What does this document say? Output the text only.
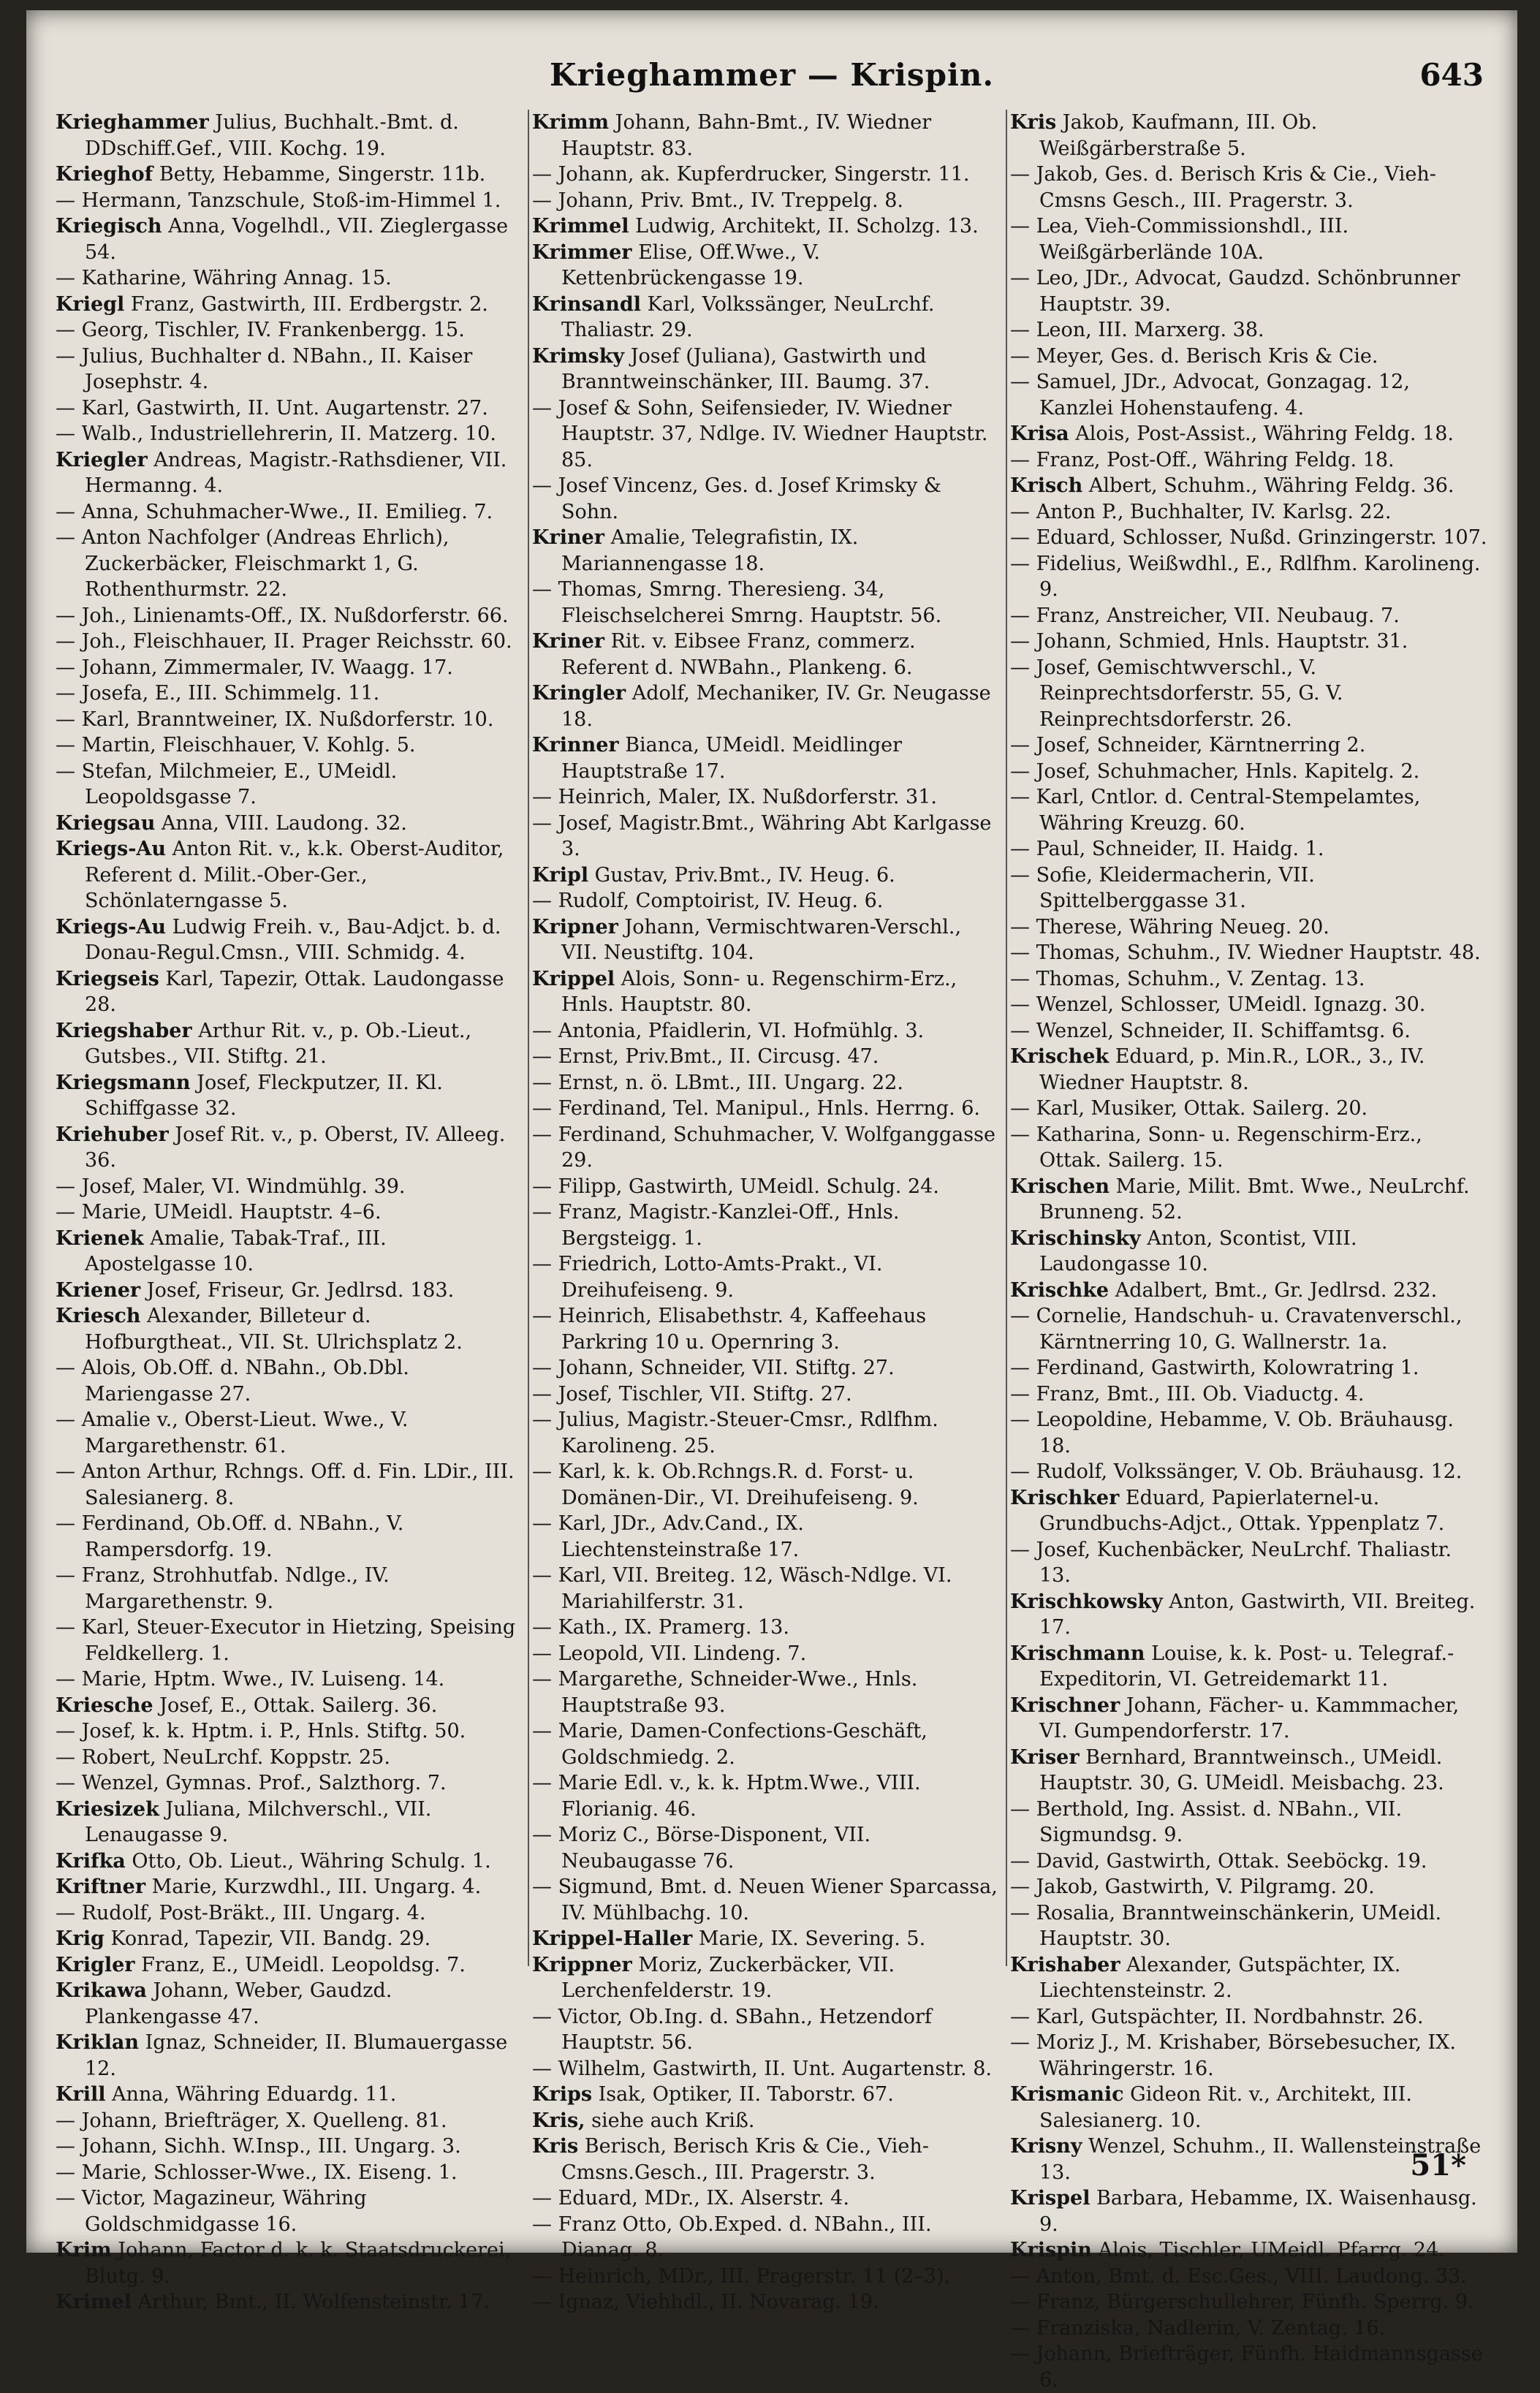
Krieghammer — Krispin.	643
Krieghammer Julius, Buchhalt.-Bmt. d. DDschiff.Gef., VIII. Kochg. 19.
Krieghof Betty, Hebamme, Singerstr. 11b.
— Hermann, Tanzschule, Stoß-im-Himmel 1.
Kriegisch Anna, Vogelhdl., VII. Zieglergasse 54.
— Katharine, Währing Annag. 15.
Kriegl Franz, Gastwirth, III. Erdbergstr. 2.
— Georg, Tischler, IV. Frankenbergg. 15.
— Julius, Buchhalter d. NBahn., II. Kaiser Josephstr. 4.
— Karl, Gastwirth, II. Unt. Augartenstr. 27.
— Walb., Industriellehrerin, II. Matzerg. 10.
Kriegler Andreas, Magistr.-Rathsdiener, VII. Hermanng. 4.
— Anna, Schuhmacher-Wwe., II. Emilieg. 7.
— Anton Nachfolger (Andreas Ehrlich), Zuckerbäcker, Fleischmarkt 1, G. Rothenthurmstr. 22.
— Joh., Linienamts-Off., IX. Nußdorferstr. 66.
— Joh., Fleischhauer, II. Prager Reichsstr. 60.
— Johann, Zimmermaler, IV. Waagg. 17.
— Josefa, E., III. Schimmelg. 11.
— Karl, Branntweiner, IX. Nußdorferstr. 10.
— Martin, Fleischhauer, V. Kohlg. 5.
— Stefan, Milchmeier, E., UMeidl. Leopoldsgasse 7.
Kriegsau Anna, VIII. Laudong. 32.
Kriegs-Au Anton Rit. v., k.k. Oberst-Auditor, Referent d. Milit.-Ober-Ger., Schönlaterngasse 5.
Kriegs-Au Ludwig Freih. v., Bau-Adjct. b. d. Donau-Regul.Cmsn., VIII. Schmidg. 4.
Kriegseis Karl, Tapezir, Ottak. Laudongasse 28.
Kriegshaber Arthur Rit. v., p. Ob.-Lieut., Gutsbes., VII. Stiftg. 21.
Kriegsmann Josef, Fleckputzer, II. Kl. Schiffgasse 32.
Kriehuber Josef Rit. v., p. Oberst, IV. Alleeg. 36.
— Josef, Maler, VI. Windmühlg. 39.
— Marie, UMeidl. Hauptstr. 4–6.
Krienek Amalie, Tabak-Traf., III. Apostelgasse 10.
Kriener Josef, Friseur, Gr. Jedlrsd. 183.
Kriesch Alexander, Billeteur d. Hofburgtheat., VII. St. Ulrichsplatz 2.
— Alois, Ob.Off. d. NBahn., Ob.Dbl. Mariengasse 27.
— Amalie v., Oberst-Lieut. Wwe., V. Margarethenstr. 61.
— Anton Arthur, Rchngs. Off. d. Fin. LDir., III. Salesianerg. 8.
— Ferdinand, Ob.Off. d. NBahn., V. Rampersdorfg. 19.
— Franz, Strohhutfab. Ndlge., IV. Margarethenstr. 9.
— Karl, Steuer-Executor in Hietzing, Speising Feldkellerg. 1.
— Marie, Hptm. Wwe., IV. Luiseng. 14.
Kriesche Josef, E., Ottak. Sailerg. 36.
— Josef, k. k. Hptm. i. P., Hnls. Stiftg. 50.
— Robert, NeuLrchf. Koppstr. 25.
— Wenzel, Gymnas. Prof., Salzthorg. 7.
Kriesizek Juliana, Milchverschl., VII. Lenaugasse 9.
Krifka Otto, Ob. Lieut., Währing Schulg. 1.
Kriftner Marie, Kurzwdhl., III. Ungarg. 4.
— Rudolf, Post-Bräkt., III. Ungarg. 4.
Krig Konrad, Tapezir, VII. Bandg. 29.
Krigler Franz, E., UMeidl. Leopoldsg. 7.
Krikawa Johann, Weber, Gaudzd. Plankengasse 47.
Kriklan Ignaz, Schneider, II. Blumauergasse 12.
Krill Anna, Währing Eduardg. 11.
— Johann, Briefträger, X. Quelleng. 81.
— Johann, Sichh. W.Insp., III. Ungarg. 3.
— Marie, Schlosser-Wwe., IX. Eiseng. 1.
— Victor, Magazineur, Währing Goldschmidgasse 16.
Krim Johann, Factor d. k. k. Staatsdruckerei, Blutg. 9.
Krimel Arthur, Bmt., II. Wolfensteinstr. 17.
Krimm Johann, Bahn-Bmt., IV. Wiedner Hauptstr. 83.
— Johann, ak. Kupferdrucker, Singerstr. 11.
— Johann, Priv. Bmt., IV. Treppelg. 8.
Krimmel Ludwig, Architekt, II. Scholzg. 13.
Krimmer Elise, Off.Wwe., V. Kettenbrückengasse 19.
Krinsandl Karl, Volkssänger, NeuLrchf. Thaliastr. 29.
Krimsky Josef (Juliana), Gastwirth und Branntweinschänker, III. Baumg. 37.
— Josef & Sohn, Seifensieder, IV. Wiedner Hauptstr. 37, Ndlge. IV. Wiedner Hauptstr. 85.
— Josef Vincenz, Ges. d. Josef Krimsky & Sohn.
Kriner Amalie, Telegrafistin, IX. Mariannengasse 18.
— Thomas, Smrng. Theresieng. 34, Fleischselcherei Smrng. Hauptstr. 56.
Kriner Rit. v. Eibsee Franz, commerz. Referent d. NWBahn., Plankeng. 6.
Kringler Adolf, Mechaniker, IV. Gr. Neugasse 18.
Krinner Bianca, UMeidl. Meidlinger Hauptstraße 17.
— Heinrich, Maler, IX. Nußdorferstr. 31.
— Josef, Magistr.Bmt., Währing Abt Karlgasse 3.
Kripl Gustav, Priv.Bmt., IV. Heug. 6.
— Rudolf, Comptoirist, IV. Heug. 6.
Kripner Johann, Vermischtwaren-Verschl., VII. Neustiftg. 104.
Krippel Alois, Sonn- u. Regenschirm-Erz., Hnls. Hauptstr. 80.
— Antonia, Pfaidlerin, VI. Hofmühlg. 3.
— Ernst, Priv.Bmt., II. Circusg. 47.
— Ernst, n. ö. LBmt., III. Ungarg. 22.
— Ferdinand, Tel. Manipul., Hnls. Herrng. 6.
— Ferdinand, Schuhmacher, V. Wolfganggasse 29.
— Filipp, Gastwirth, UMeidl. Schulg. 24.
— Franz, Magistr.-Kanzlei-Off., Hnls. Bergsteigg. 1.
— Friedrich, Lotto-Amts-Prakt., VI. Dreihufeiseng. 9.
— Heinrich, Elisabethstr. 4, Kaffeehaus Parkring 10 u. Opernring 3.
— Johann, Schneider, VII. Stiftg. 27.
— Josef, Tischler, VII. Stiftg. 27.
— Julius, Magistr.-Steuer-Cmsr., Rdlfhm. Karolineng. 25.
— Karl, k. k. Ob.Rchngs.R. d. Forst- u. Domänen-Dir., VI. Dreihufeiseng. 9.
— Karl, JDr., Adv.Cand., IX. Liechtensteinstraße 17.
— Karl, VII. Breiteg. 12, Wäsch-Ndlge. VI. Mariahilferstr. 31.
— Kath., IX. Pramerg. 13.
— Leopold, VII. Lindeng. 7.
— Margarethe, Schneider-Wwe., Hnls. Hauptstraße 93.
— Marie, Damen-Confections-Geschäft, Goldschmiedg. 2.
— Marie Edl. v., k. k. Hptm.Wwe., VIII. Florianig. 46.
— Moriz C., Börse-Disponent, VII. Neubaugasse 76.
— Sigmund, Bmt. d. Neuen Wiener Sparcassa, IV. Mühlbachg. 10.
Krippel-Haller Marie, IX. Severing. 5.
Krippner Moriz, Zuckerbäcker, VII. Lerchenfelderstr. 19.
— Victor, Ob.Ing. d. SBahn., Hetzendorf Hauptstr. 56.
— Wilhelm, Gastwirth, II. Unt. Augartenstr. 8.
Krips Isak, Optiker, II. Taborstr. 67.
Kris, siehe auch Kriß.
Kris Berisch, Berisch Kris & Cie., Vieh-Cmsns.Gesch., III. Pragerstr. 3.
— Eduard, MDr., IX. Alserstr. 4.
— Franz Otto, Ob.Exped. d. NBahn., III. Dianag. 8.
— Heinrich, MDr., III. Pragerstr. 11 (2–3).
— Ignaz, Viehhdl., II. Novarag. 19.
Kris Jakob, Kaufmann, III. Ob. Weißgärberstraße 5.
— Jakob, Ges. d. Berisch Kris & Cie., Vieh-Cmsns Gesch., III. Pragerstr. 3.
— Lea, Vieh-Commissionshdl., III. Weißgärberlände 10A.
— Leo, JDr., Advocat, Gaudzd. Schönbrunner Hauptstr. 39.
— Leon, III. Marxerg. 38.
— Meyer, Ges. d. Berisch Kris & Cie.
— Samuel, JDr., Advocat, Gonzagag. 12, Kanzlei Hohenstaufeng. 4.
Krisa Alois, Post-Assist., Währing Feldg. 18.
— Franz, Post-Off., Währing Feldg. 18.
Krisch Albert, Schuhm., Währing Feldg. 36.
— Anton P., Buchhalter, IV. Karlsg. 22.
— Eduard, Schlosser, Nußd. Grinzingerstr. 107.
— Fidelius, Weißwdhl., E., Rdlfhm. Karolineng. 9.
— Franz, Anstreicher, VII. Neubaug. 7.
— Johann, Schmied, Hnls. Hauptstr. 31.
— Josef, Gemischtwverschl., V. Reinprechtsdorferstr. 55, G. V. Reinprechtsdorferstr. 26.
— Josef, Schneider, Kärntnerring 2.
— Josef, Schuhmacher, Hnls. Kapitelg. 2.
— Karl, Cntlor. d. Central-Stempelamtes, Währing Kreuzg. 60.
— Paul, Schneider, II. Haidg. 1.
— Sofie, Kleidermacherin, VII. Spittelberggasse 31.
— Therese, Währing Neueg. 20.
— Thomas, Schuhm., IV. Wiedner Hauptstr. 48.
— Thomas, Schuhm., V. Zentag. 13.
— Wenzel, Schlosser, UMeidl. Ignazg. 30.
— Wenzel, Schneider, II. Schiffamtsg. 6.
Krischek Eduard, p. Min.R., LOR., 3., IV. Wiedner Hauptstr. 8.
— Karl, Musiker, Ottak. Sailerg. 20.
— Katharina, Sonn- u. Regenschirm-Erz., Ottak. Sailerg. 15.
Krischen Marie, Milit. Bmt. Wwe., NeuLrchf. Brunneng. 52.
Krischinsky Anton, Scontist, VIII. Laudongasse 10.
Krischke Adalbert, Bmt., Gr. Jedlrsd. 232.
— Cornelie, Handschuh- u. Cravatenverschl., Kärntnerring 10, G. Wallnerstr. 1a.
— Ferdinand, Gastwirth, Kolowratring 1.
— Franz, Bmt., III. Ob. Viaductg. 4.
— Leopoldine, Hebamme, V. Ob. Bräuhausg. 18.
— Rudolf, Volkssänger, V. Ob. Bräuhausg. 12.
Krischker Eduard, Papierlaternel-u. Grundbuchs-Adjct., Ottak. Yppenplatz 7.
— Josef, Kuchenbäcker, NeuLrchf. Thaliastr. 13.
Krischkowsky Anton, Gastwirth, VII. Breiteg. 17.
Krischmann Louise, k. k. Post- u. Telegraf.-Expeditorin, VI. Getreidemarkt 11.
Krischner Johann, Fächer- u. Kammmacher, VI. Gumpendorferstr. 17.
Kriser Bernhard, Branntweinsch., UMeidl. Hauptstr. 30, G. UMeidl. Meisbachg. 23.
— Berthold, Ing. Assist. d. NBahn., VII. Sigmundsg. 9.
— David, Gastwirth, Ottak. Seeböckg. 19.
— Jakob, Gastwirth, V. Pilgramg. 20.
— Rosalia, Branntweinschänkerin, UMeidl. Hauptstr. 30.
Krishaber Alexander, Gutspächter, IX. Liechtensteinstr. 2.
— Karl, Gutspächter, II. Nordbahnstr. 26.
— Moriz J., M. Krishaber, Börsebesucher, IX. Währingerstr. 16.
Krismanic Gideon Rit. v., Architekt, III. Salesianerg. 10.
Krisny Wenzel, Schuhm., II. Wallensteinstraße 13.
Krispel Barbara, Hebamme, IX. Waisenhausg. 9.
Krispin Alois, Tischler, UMeidl. Pfarrg. 24.
— Anton, Bmt. d. Esc.Ges., VIII. Laudong. 33.
— Franz, Bürgerschullehrer, Fünfh. Sperrg. 9.
— Franziska, Nadlerin, V. Zentag. 16.
— Johann, Briefträger, Fünfh. Haidmannsgasse 6.
51*
